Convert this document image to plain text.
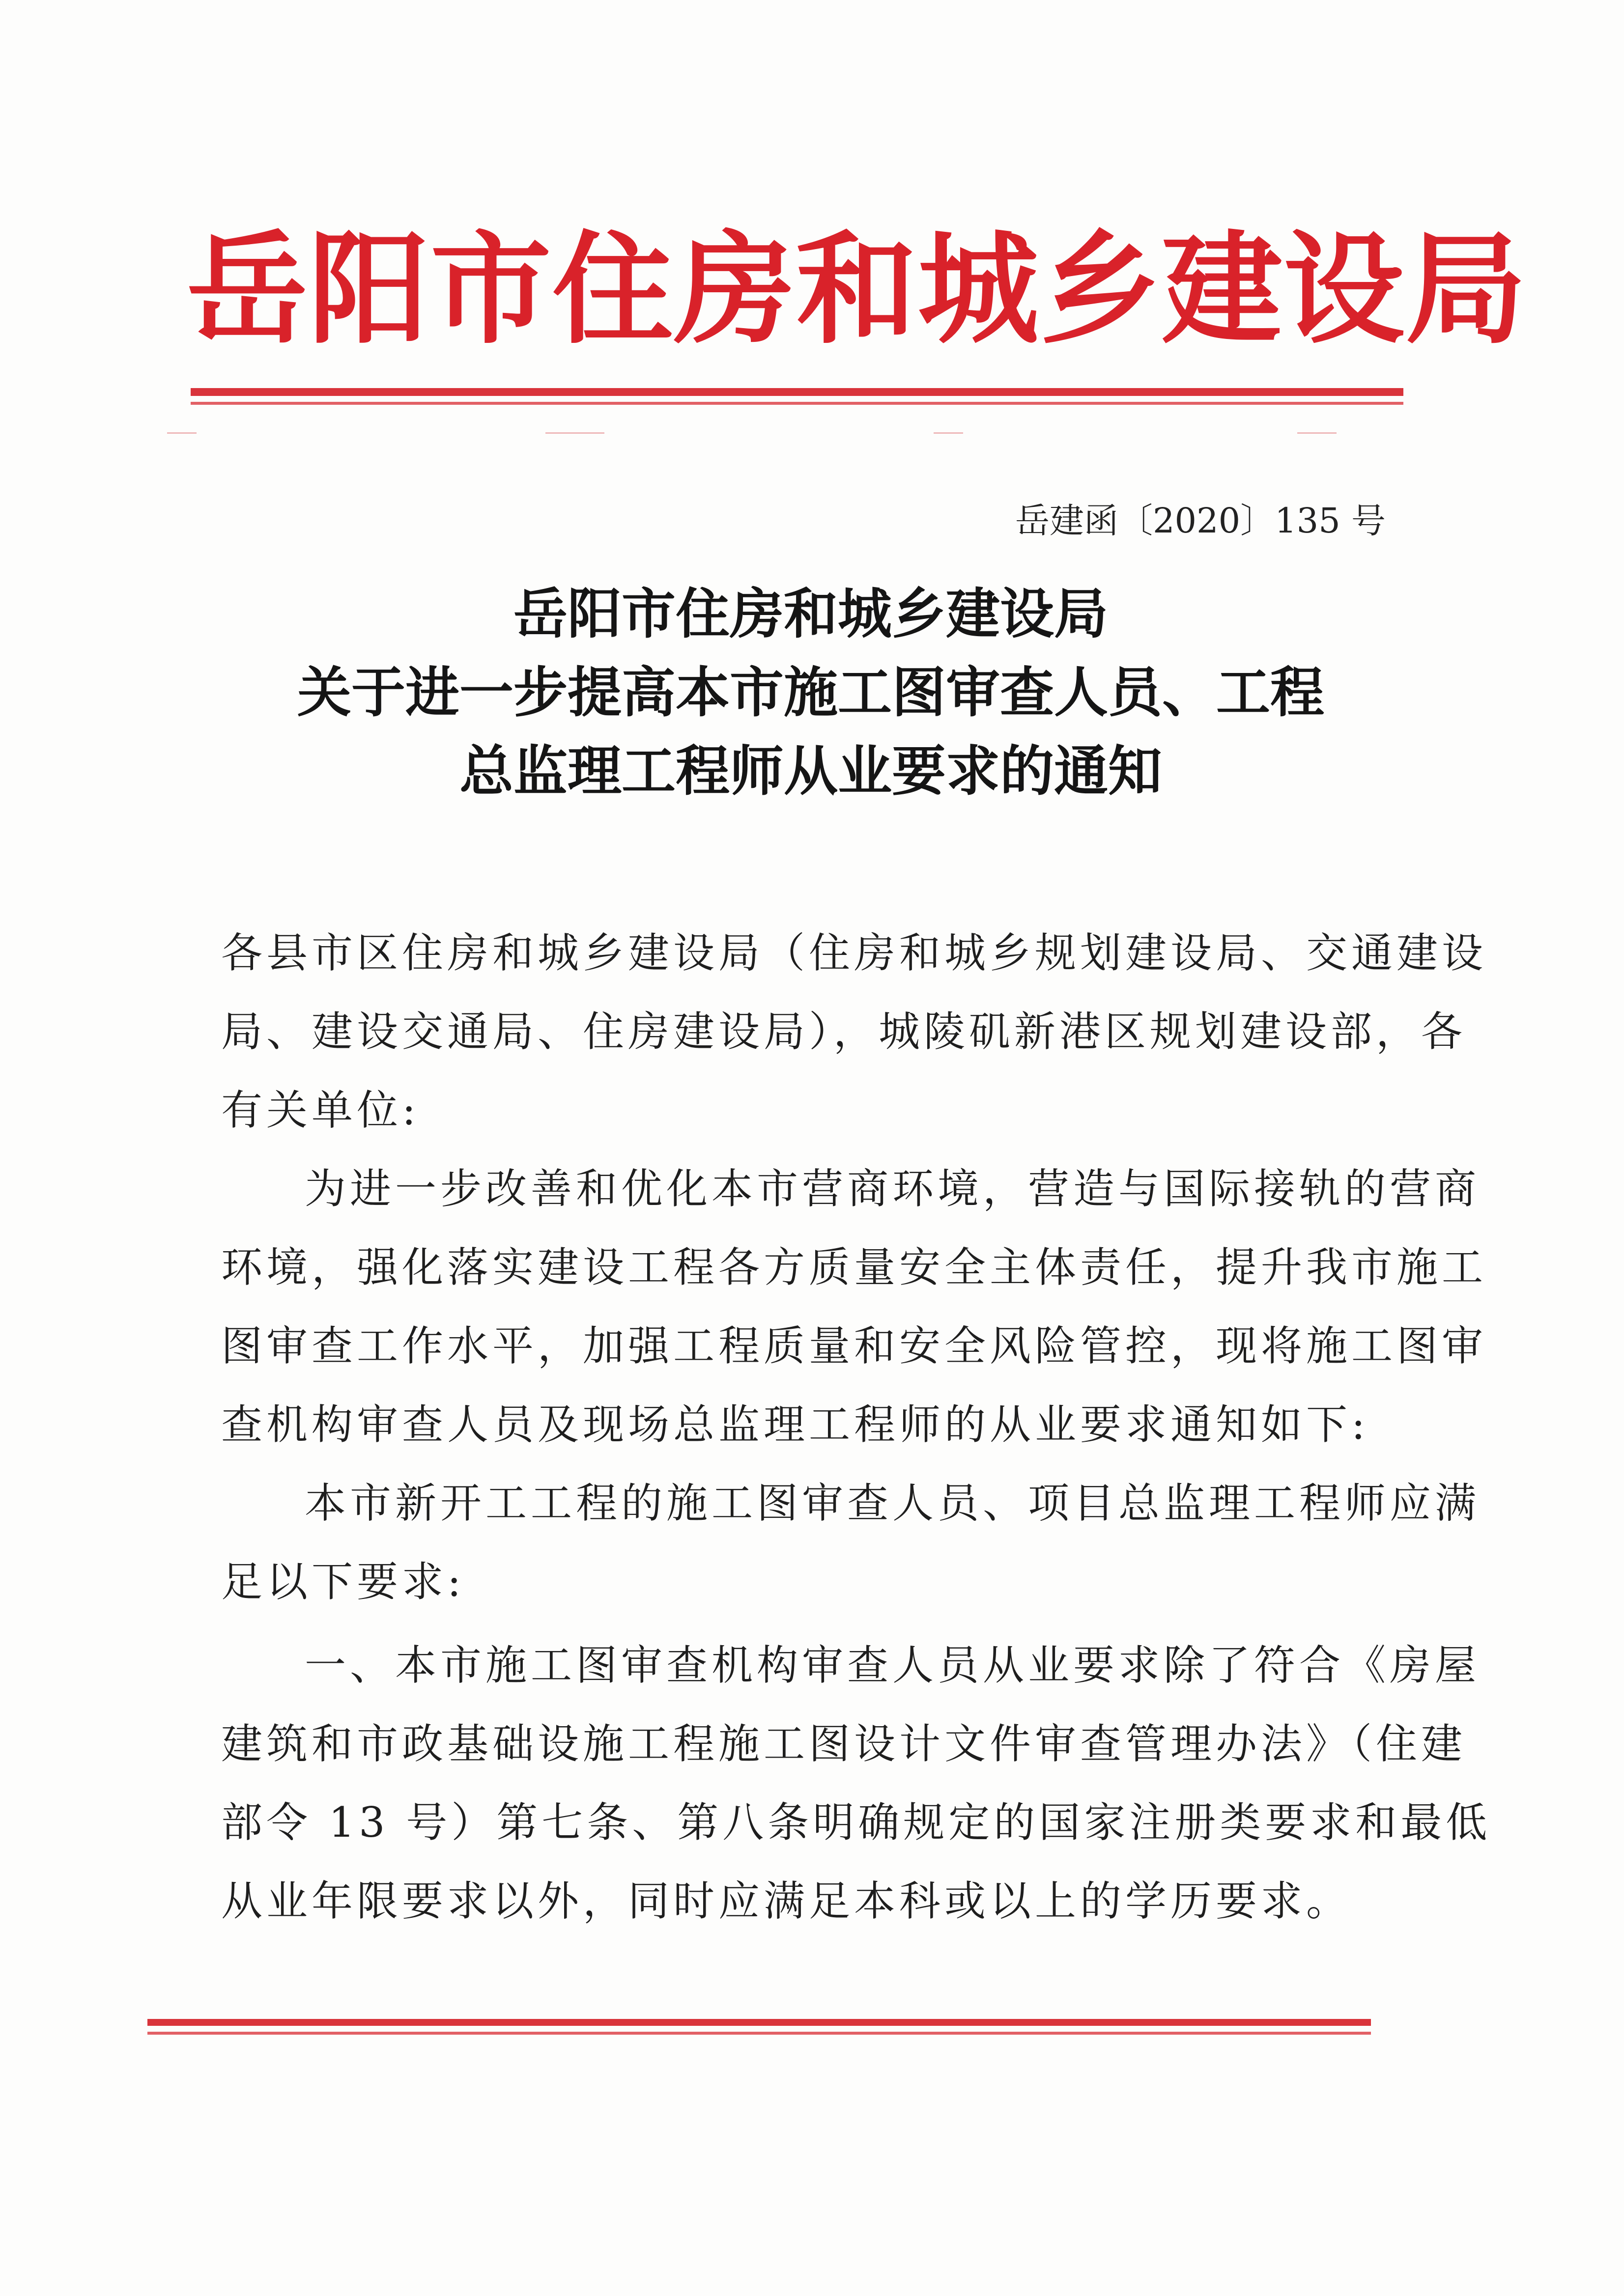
岳阳市住房和城乡建设局
岳建函〔2020〕135 号
岳阳市住房和城乡建设局
关于进一步提高本市施工图审查人员、工程
总监理工程师从业要求的通知
各县市区住房和城乡建设局（住房和城乡规划建设局、交通建设
局、建设交通局、住房建设局），城陵矶新港区规划建设部，各
有关单位:
为进一步改善和优化本市营商环境，营造与国际接轨的营商
环境，强化落实建设工程各方质量安全主体责任，提升我市施工
图审查工作水平，加强工程质量和安全风险管控，现将施工图审
查机构审查人员及现场总监理工程师的从业要求通知如下:
本市新开工工程的施工图审查人员、项目总监理工程师应满
足以下要求:
一、本市施工图审查机构审查人员从业要求除了符合《房屋
建筑和市政基础设施工程施工图设计文件审查管理办法》（住建
部令 13 号）第七条、第八条明确规定的国家注册类要求和最低
从业年限要求以外，同时应满足本科或以上的学历要求。
